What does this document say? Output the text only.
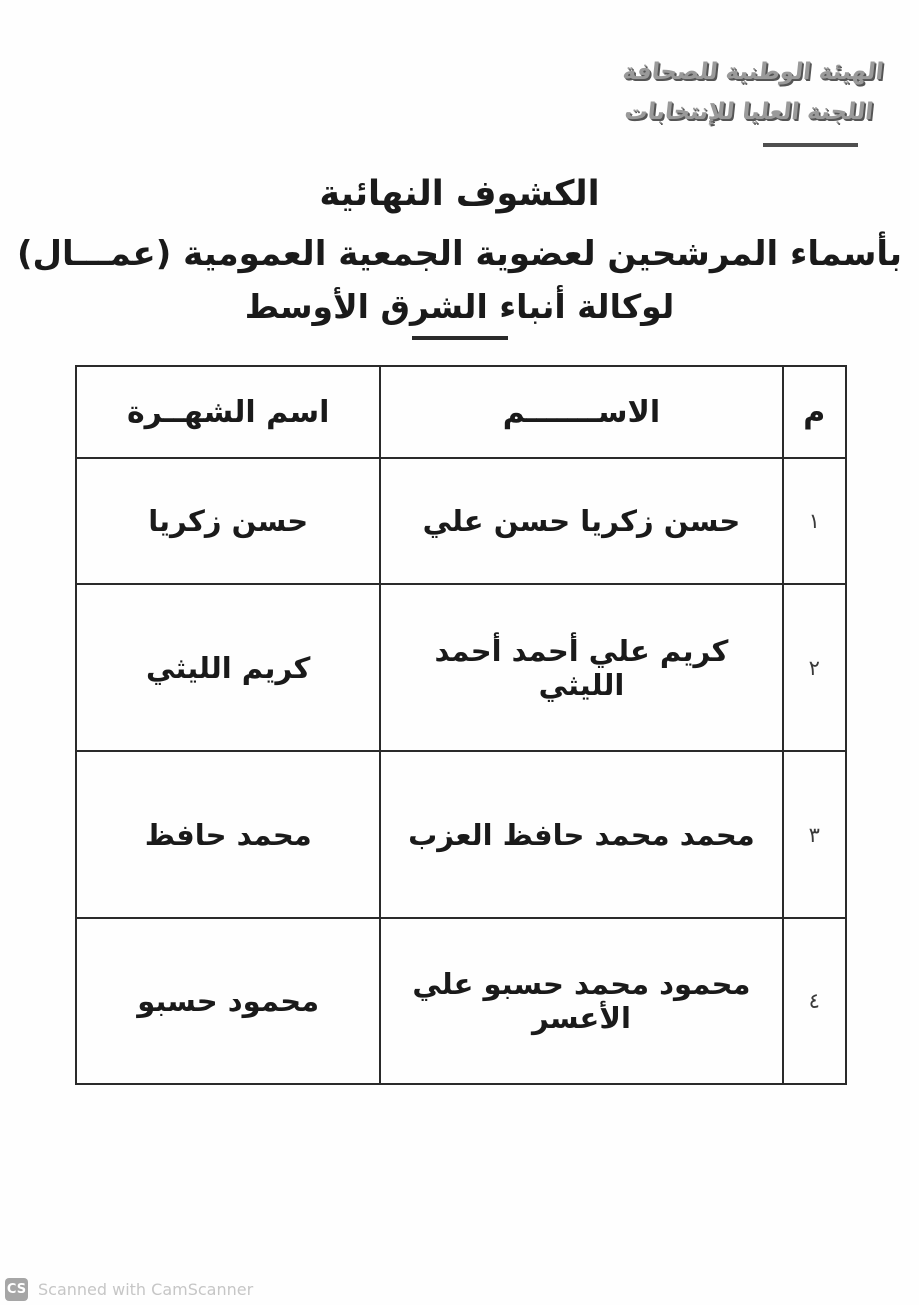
الهيئة الوطنية للصحافة
اللجنة العليا للإنتخابات
الكشوف النهائية
بأسماء المرشحين لعضوية الجمعية العمومية (عمـــال)
لوكالة أنباء الشرق الأوسط
م	الاســـــــم	اسم الشهــرة
١	حسن زكريا حسن علي	حسن زكريا
٢	كريم علي أحمد أحمد الليثي	كريم الليثي
٣	محمد محمد حافظ العزب	محمد حافظ
٤	محمود محمد حسبو علي الأعسر	محمود حسبو
CS Scanned with CamScanner
